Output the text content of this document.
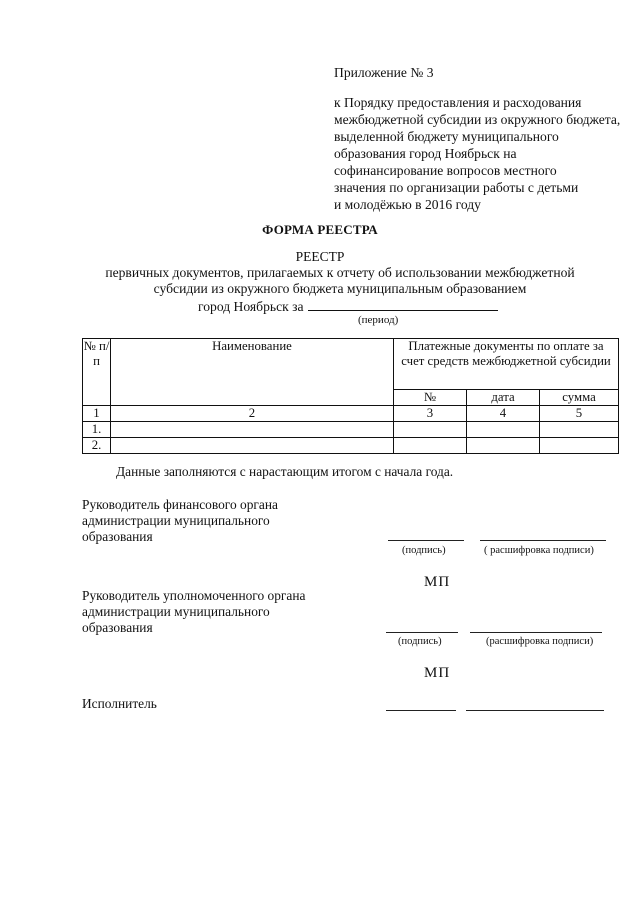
Приложение № 3
к Порядку предоставления и расходования
межбюджетной субсидии из окружного бюджета,
выделенной бюджету муниципального
образования город Ноябрьск на
софинансирование вопросов местного
значения по организации работы с детьми
и молодёжью в 2016 году
ФОРМА РЕЕСТРА
РЕЕСТР
первичных документов, прилагаемых к отчету об использовании межбюджетной
субсидии из окружного бюджета муниципальным образованием
город Ноябрьск за
(период)
№ п/п	Наименование	Платежные документы по оплате за счет средств межбюджетной субсидии		
		№	дата	сумма
1	2	3	4	5
1.				
2.				
Данные заполняются с нарастающим итогом с начала года.
Руководитель финансового органа
администрации муниципального
образования
(подпись)	( расшифровка подписи)
МП
Руководитель уполномоченного органа
администрации муниципального
образования
(подпись)	(расшифровка подписи)
МП
Исполнитель
